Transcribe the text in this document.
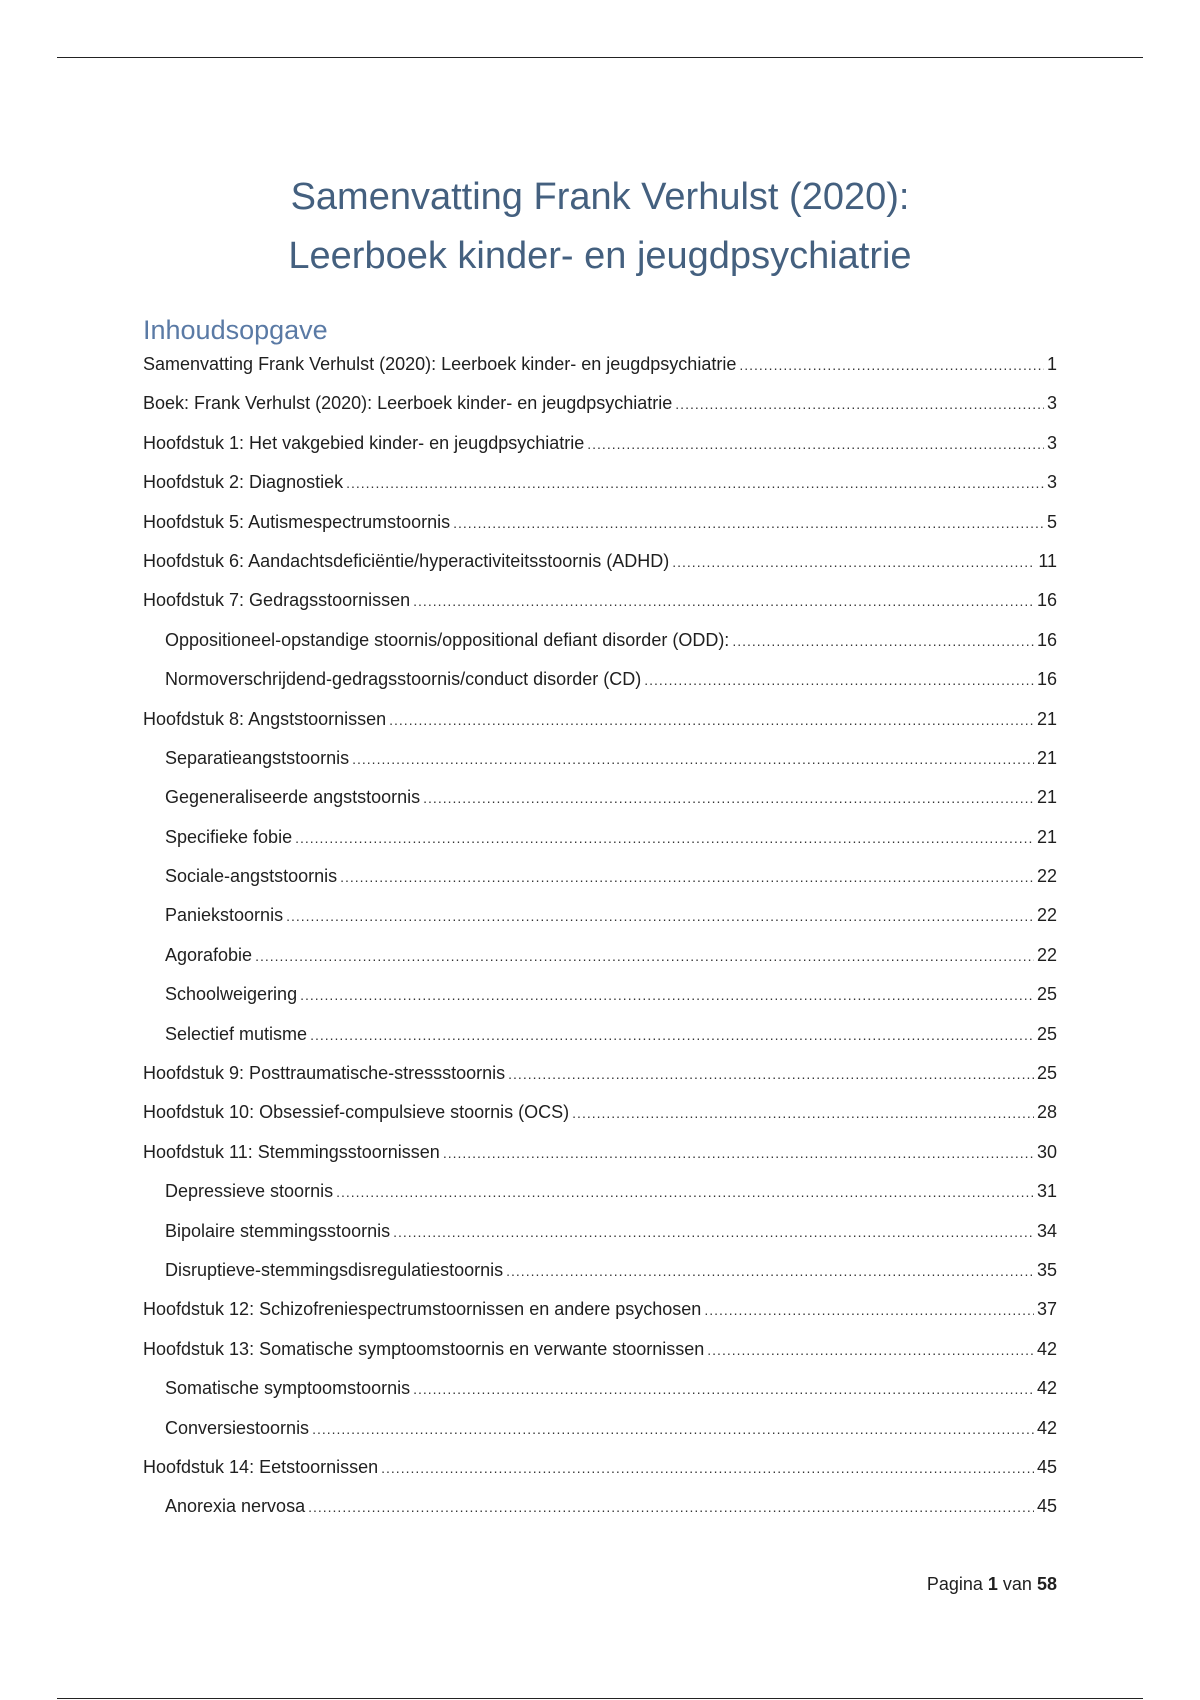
Samenvatting Frank Verhulst (2020):
Leerboek kinder- en jeugdpsychiatrie
Inhoudsopgave
Samenvatting Frank Verhulst (2020): Leerboek kinder- en jeugdpsychiatrie .....	1
Boek: Frank Verhulst (2020): Leerboek kinder- en jeugdpsychiatrie .....	3
Hoofdstuk 1: Het vakgebied kinder- en jeugdpsychiatrie .....	3
Hoofdstuk 2: Diagnostiek .....	3
Hoofdstuk 5: Autismespectrumstoornis .....	5
Hoofdstuk 6: Aandachtsdeficiëntie/hyperactiviteitsstoornis (ADHD) .....	11
Hoofdstuk 7: Gedragsstoornissen .....	16
Oppositioneel-opstandige stoornis/oppositional defiant disorder (ODD): .....	16
Normoverschrijdend-gedragsstoornis/conduct disorder (CD) .....	16
Hoofdstuk 8: Angststoornissen .....	21
Separatieangststoornis .....	21
Gegeneraliseerde angststoornis .....	21
Specifieke fobie .....	21
Sociale-angststoornis .....	22
Paniekstoornis .....	22
Agorafobie .....	22
Schoolweigering .....	25
Selectief mutisme .....	25
Hoofdstuk 9: Posttraumatische-stressstoornis .....	25
Hoofdstuk 10: Obsessief-compulsieve stoornis (OCS) .....	28
Hoofdstuk 11: Stemmingsstoornissen .....	30
Depressieve stoornis .....	31
Bipolaire stemmingsstoornis .....	34
Disruptieve-stemmingsdisregulatiestoornis .....	35
Hoofdstuk 12: Schizofreniespectrumstoornissen en andere psychosen .....	37
Hoofdstuk 13: Somatische symptoomstoornis en verwante stoornissen .....	42
Somatische symptoomstoornis .....	42
Conversiestoornis .....	42
Hoofdstuk 14: Eetstoornissen .....	45
Anorexia nervosa .....	45
Pagina 1 van 58
